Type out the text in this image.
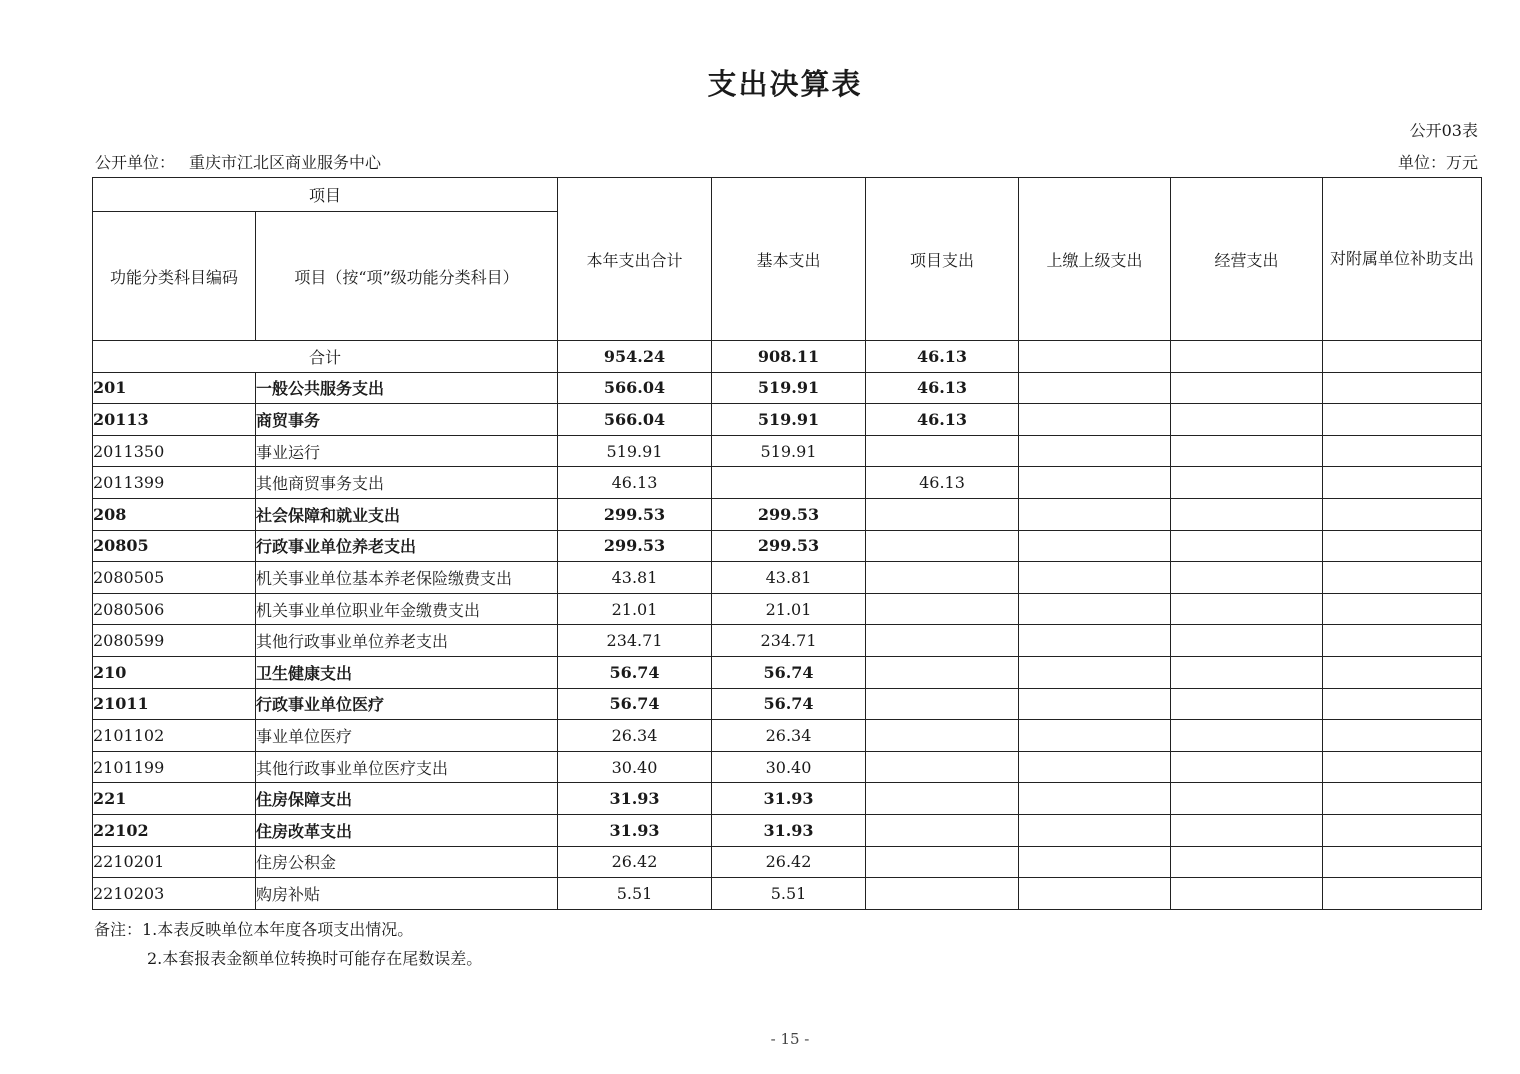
支出决算表
公开03表
公开单位： 重庆市江北区商业服务中心	单位：万元
项目		本年支出合计	基本支出	项目支出	上缴上级支出	经营支出	对附属单位补助支出
功能分类科目编码	项目（按“项”级功能分类科目）						
合计		954.24	908.11	46.13			
201	一般公共服务支出	566.04	519.91	46.13			
20113	商贸事务	566.04	519.91	46.13			
2011350	事业运行	519.91	519.91				
2011399	其他商贸事务支出	46.13		46.13			
208	社会保障和就业支出	299.53	299.53				
20805	行政事业单位养老支出	299.53	299.53				
2080505	机关事业单位基本养老保险缴费支出	43.81	43.81				
2080506	机关事业单位职业年金缴费支出	21.01	21.01				
2080599	其他行政事业单位养老支出	234.71	234.71				
210	卫生健康支出	56.74	56.74				
21011	行政事业单位医疗	56.74	56.74				
2101102	事业单位医疗	26.34	26.34				
2101199	其他行政事业单位医疗支出	30.40	30.40				
221	住房保障支出	31.93	31.93				
22102	住房改革支出	31.93	31.93				
2210201	住房公积金	26.42	26.42				
2210203	购房补贴	5.51	5.51				
备注：1.本表反映单位本年度各项支出情况。
2.本套报表金额单位转换时可能存在尾数误差。
- 15 -
